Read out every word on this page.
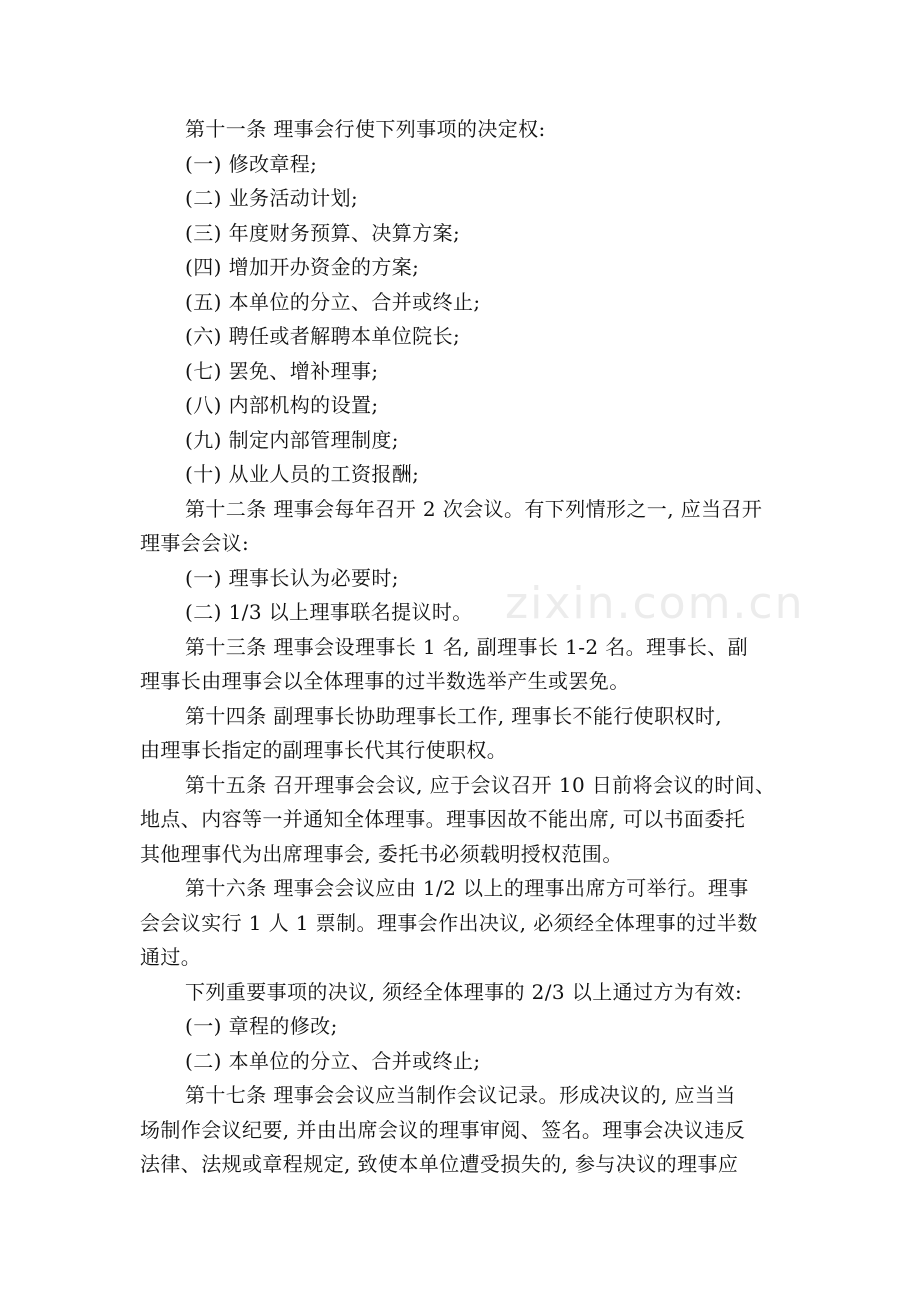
第十一条 理事会行使下列事项的决定权:
(一) 修改章程;
(二) 业务活动计划;
(三) 年度财务预算、决算方案;
(四) 增加开办资金的方案;
(五) 本单位的分立、合并或终止;
(六) 聘任或者解聘本单位院长;
(七) 罢免、增补理事;
(八) 内部机构的设置;
(九) 制定内部管理制度;
(十) 从业人员的工资报酬;
第十二条 理事会每年召开 2 次会议。有下列情形之一, 应当召开
理事会会议:
(一) 理事长认为必要时;
(二) 1/3 以上理事联名提议时。
第十三条 理事会设理事长 1 名, 副理事长 1-2 名。理事长、副
理事长由理事会以全体理事的过半数选举产生或罢免。
第十四条 副理事长协助理事长工作, 理事长不能行使职权时,
由理事长指定的副理事长代其行使职权。
第十五条 召开理事会会议, 应于会议召开 10 日前将会议的时间、
地点、内容等一并通知全体理事。理事因故不能出席, 可以书面委托
其他理事代为出席理事会, 委托书必须载明授权范围。
第十六条 理事会会议应由 1/2 以上的理事出席方可举行。理事
会会议实行 1 人 1 票制。理事会作出决议, 必须经全体理事的过半数
通过。
下列重要事项的决议, 须经全体理事的 2/3 以上通过方为有效:
(一) 章程的修改;
(二) 本单位的分立、合并或终止;
第十七条 理事会会议应当制作会议记录。形成决议的, 应当当
场制作会议纪要, 并由出席会议的理事审阅、签名。理事会决议违反
法律、法规或章程规定, 致使本单位遭受损失的, 参与决议的理事应
zixin.com.cn
